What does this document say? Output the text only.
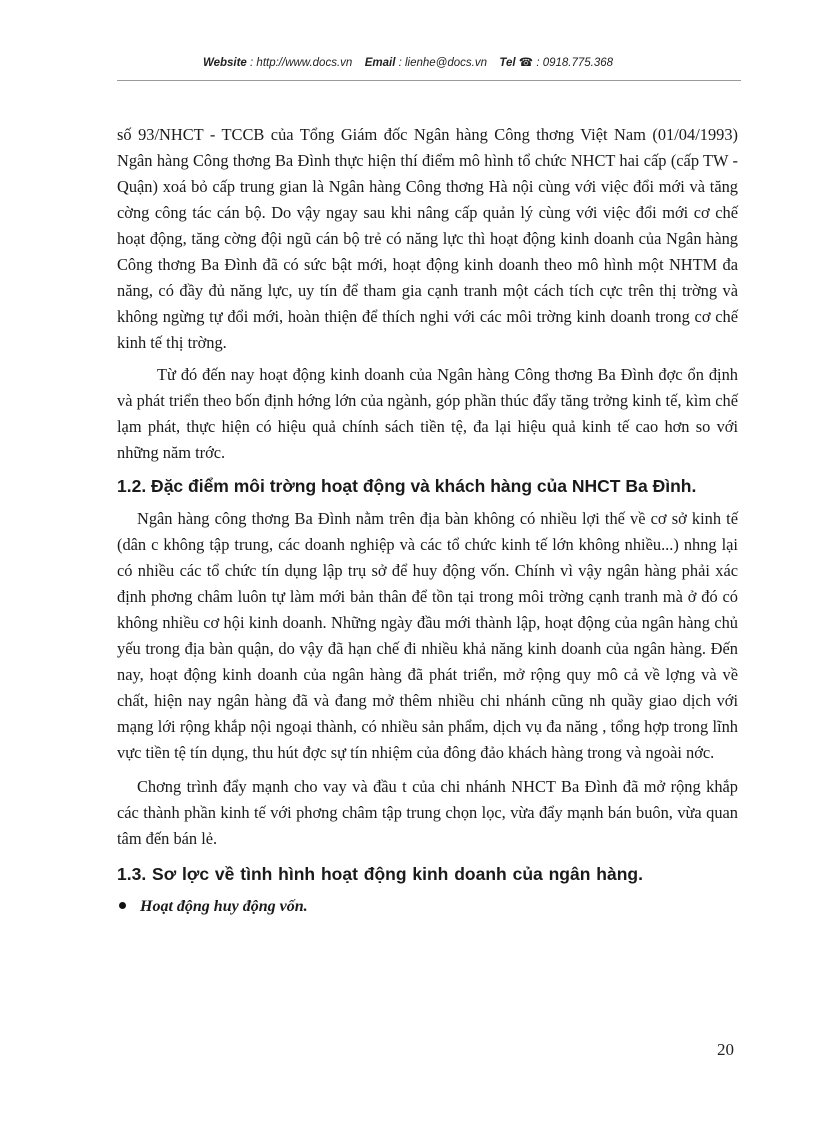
Website : http://www.docs.vn Email : lienhe@docs.vn Tel ☎ : 0918.775.368

số 93/NHCT - TCCB của Tổng Giám đốc Ngân hàng Công thơng Việt Nam (01/04/1993) Ngân hàng Công thơng Ba Đình thực hiện thí điểm mô hình tổ chức NHCT hai cấp (cấp TW - Quận) xoá bỏ cấp trung gian là Ngân hàng Công thơng Hà nội cùng với việc đổi mới và tăng cờng công tác cán bộ. Do vậy ngay sau khi nâng cấp quản lý cùng với việc đổi mới cơ chế hoạt động, tăng cờng đội ngũ cán bộ trẻ có năng lực thì hoạt động kinh doanh của Ngân hàng Công thơng Ba Đình đã có sức bật mới, hoạt động kinh doanh theo mô hình một NHTM đa năng, có đầy đủ năng lực, uy tín để tham gia cạnh tranh một cách tích cực trên thị trờng và không ngừng tự đổi mới, hoàn thiện để thích nghi với các môi trờng kinh doanh trong cơ chế kinh tế thị trờng.

Từ đó đến nay hoạt động kinh doanh của Ngân hàng Công thơng Ba Đình đợc ổn định và phát triển theo bốn định hớng lớn của ngành, góp phần thúc đẩy tăng trởng kinh tế, kìm chế lạm phát, thực hiện có hiệu quả chính sách tiền tệ, đa lại hiệu quả kinh tế cao hơn so với những năm trớc.

1.2. Đặc điểm môi trờng hoạt động và khách hàng của NHCT Ba Đình.

Ngân hàng công thơng Ba Đình nằm trên địa bàn không có nhiều lợi thế về cơ sở kinh tế (dân c không tập trung, các doanh nghiệp và các tổ chức kinh tế lớn không nhiều...) nhng lại có nhiều các tổ chức tín dụng lập trụ sở để huy động vốn. Chính vì vậy ngân hàng phải xác định phơng châm luôn tự làm mới bản thân để tồn tại trong môi trờng cạnh tranh mà ở đó có không nhiều cơ hội kinh doanh. Những ngày đầu mới thành lập, hoạt động của ngân hàng chủ yếu trong địa bàn quận, do vậy đã hạn chế đi nhiều khả năng kinh doanh của ngân hàng. Đến nay, hoạt động kinh doanh của ngân hàng đã phát triển, mở rộng quy mô cả về lợng và về chất, hiện nay ngân hàng đã và đang mở thêm nhiều chi nhánh cũng nh quầy giao dịch với mạng lới rộng khắp nội ngoại thành, có nhiều sản phẩm, dịch vụ đa năng , tổng hợp trong lĩnh vực tiền tệ tín dụng, thu hút đợc sự tín nhiệm của đông đảo khách hàng trong và ngoài nớc.

Chơng trình đẩy mạnh cho vay và đầu t của chi nhánh NHCT Ba Đình đã mở rộng khắp các thành phần kinh tế với phơng châm tập trung chọn lọc, vừa đẩy mạnh bán buôn, vừa quan tâm đến bán lẻ.

1.3. Sơ lợc về tình hình hoạt động kinh doanh của ngân hàng.

Hoạt động huy động vốn.

20
